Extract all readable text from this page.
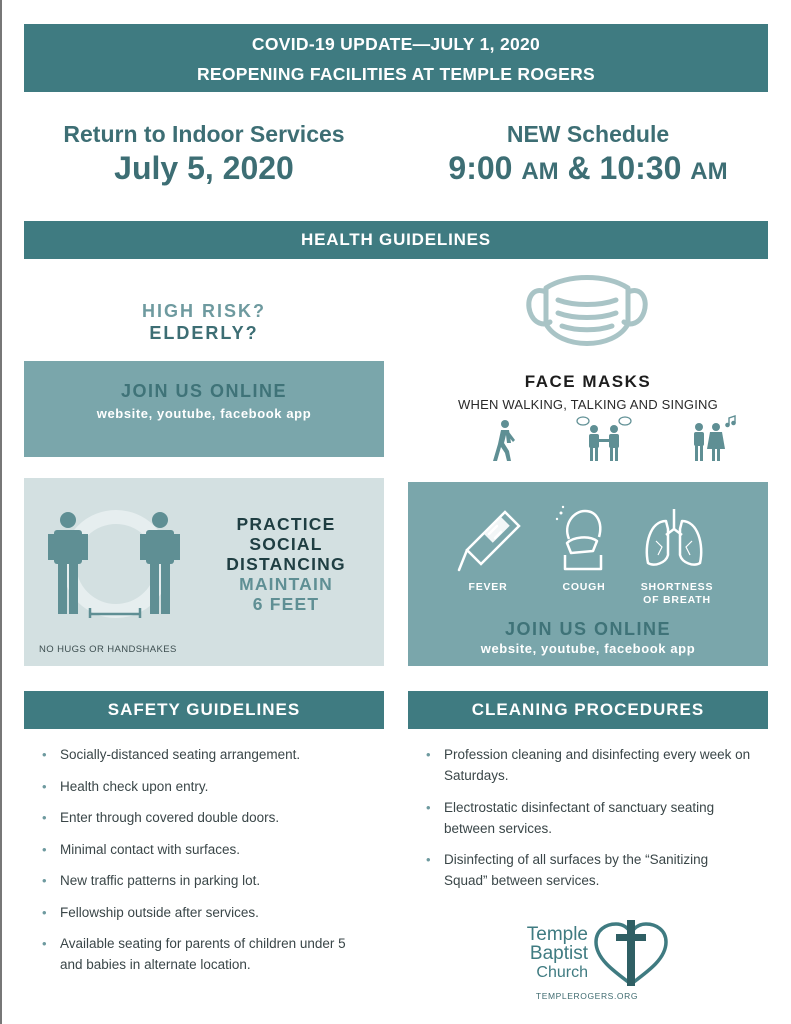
COVID-19 UPDATE—JULY 1, 2020
REOPENING FACILITIES AT TEMPLE ROGERS
Return to Indoor Services
July 5, 2020
NEW Schedule
9:00 AM & 10:30 AM
HEALTH GUIDELINES
HIGH RISK?
ELDERLY?
JOIN US ONLINE
website, youtube, facebook app
FACE MASKS
WHEN WALKING, TALKING AND SINGING
PRACTICE
SOCIAL
DISTANCING
MAINTAIN
6 FEET
NO HUGS OR HANDSHAKES
FEVER	COUGH	SHORTNESS
OF BREATH
JOIN US ONLINE
website, youtube, facebook app
SAFETY GUIDELINES
• Socially-distanced seating arrangement.
• Health check upon entry.
• Enter through covered double doors.
• Minimal contact with surfaces.
• New traffic patterns in parking lot.
• Fellowship outside after services.
• Available seating for parents of children under 5 and babies in alternate location.
CLEANING PROCEDURES
• Profession cleaning and disinfecting every week on Saturdays.
• Electrostatic disinfectant of sanctuary seating between services.
• Disinfecting of all surfaces by the “Sanitizing Squad” between services.
Temple
Baptist
Church
TEMPLEROGERS.ORG
